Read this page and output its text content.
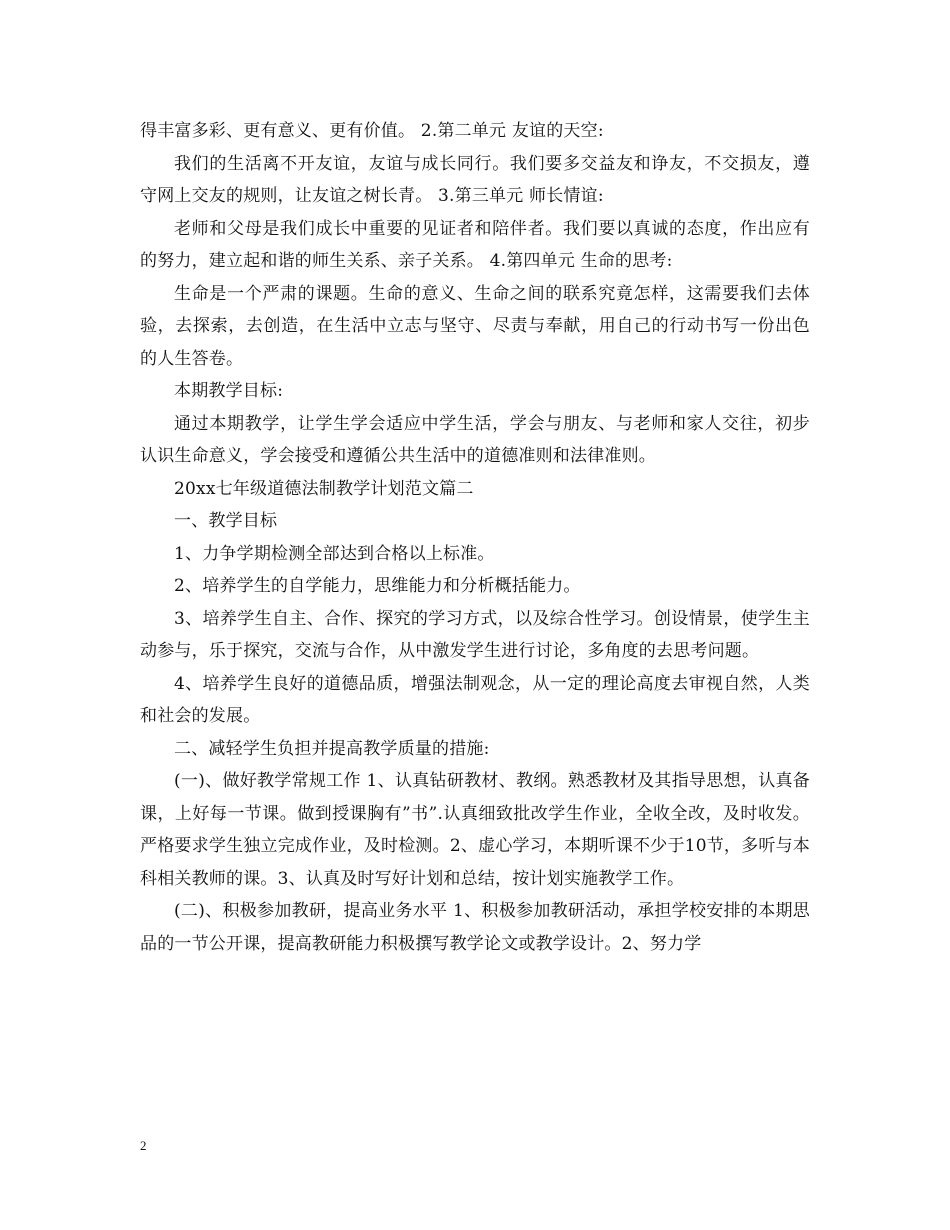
得丰富多彩、更有意义、更有价值。 2.第二单元 友谊的天空:

我们的生活离不开友谊，友谊与成长同行。我们要多交益友和诤友，不交损友，遵守网上交友的规则，让友谊之树长青。 3.第三单元 师长情谊:

老师和父母是我们成长中重要的见证者和陪伴者。我们要以真诚的态度，作出应有的努力，建立起和谐的师生关系、亲子关系。 4.第四单元 生命的思考:

生命是一个严肃的课题。生命的意义、生命之间的联系究竟怎样，这需要我们去体验，去探索，去创造，在生活中立志与坚守、尽责与奉献，用自己的行动书写一份出色的人生答卷。

本期教学目标:

通过本期教学，让学生学会适应中学生活，学会与朋友、与老师和家人交往，初步认识生命意义，学会接受和遵循公共生活中的道德准则和法律准则。

20xx七年级道德法制教学计划范文篇二

一、教学目标

1、力争学期检测全部达到合格以上标准。

2、培养学生的自学能力，思维能力和分析概括能力。

3、培养学生自主、合作、探究的学习方式，以及综合性学习。创设情景，使学生主动参与，乐于探究，交流与合作，从中激发学生进行讨论，多角度的去思考问题。

4、培养学生良好的道德品质，增强法制观念，从一定的理论高度去审视自然，人类和社会的发展。

二、减轻学生负担并提高教学质量的措施:

(一)、做好教学常规工作 1、认真钻研教材、教纲。熟悉教材及其指导思想，认真备课，上好每一节课。做到授课胸有”书”.认真细致批改学生作业，全收全改，及时收发。严格要求学生独立完成作业，及时检测。2、虚心学习，本期听课不少于10节，多听与本科相关教师的课。3、认真及时写好计划和总结，按计划实施教学工作。

(二)、积极参加教研，提高业务水平 1、积极参加教研活动，承担学校安排的本期思品的一节公开课，提高教研能力积极撰写教学论文或教学设计。2、努力学

2
